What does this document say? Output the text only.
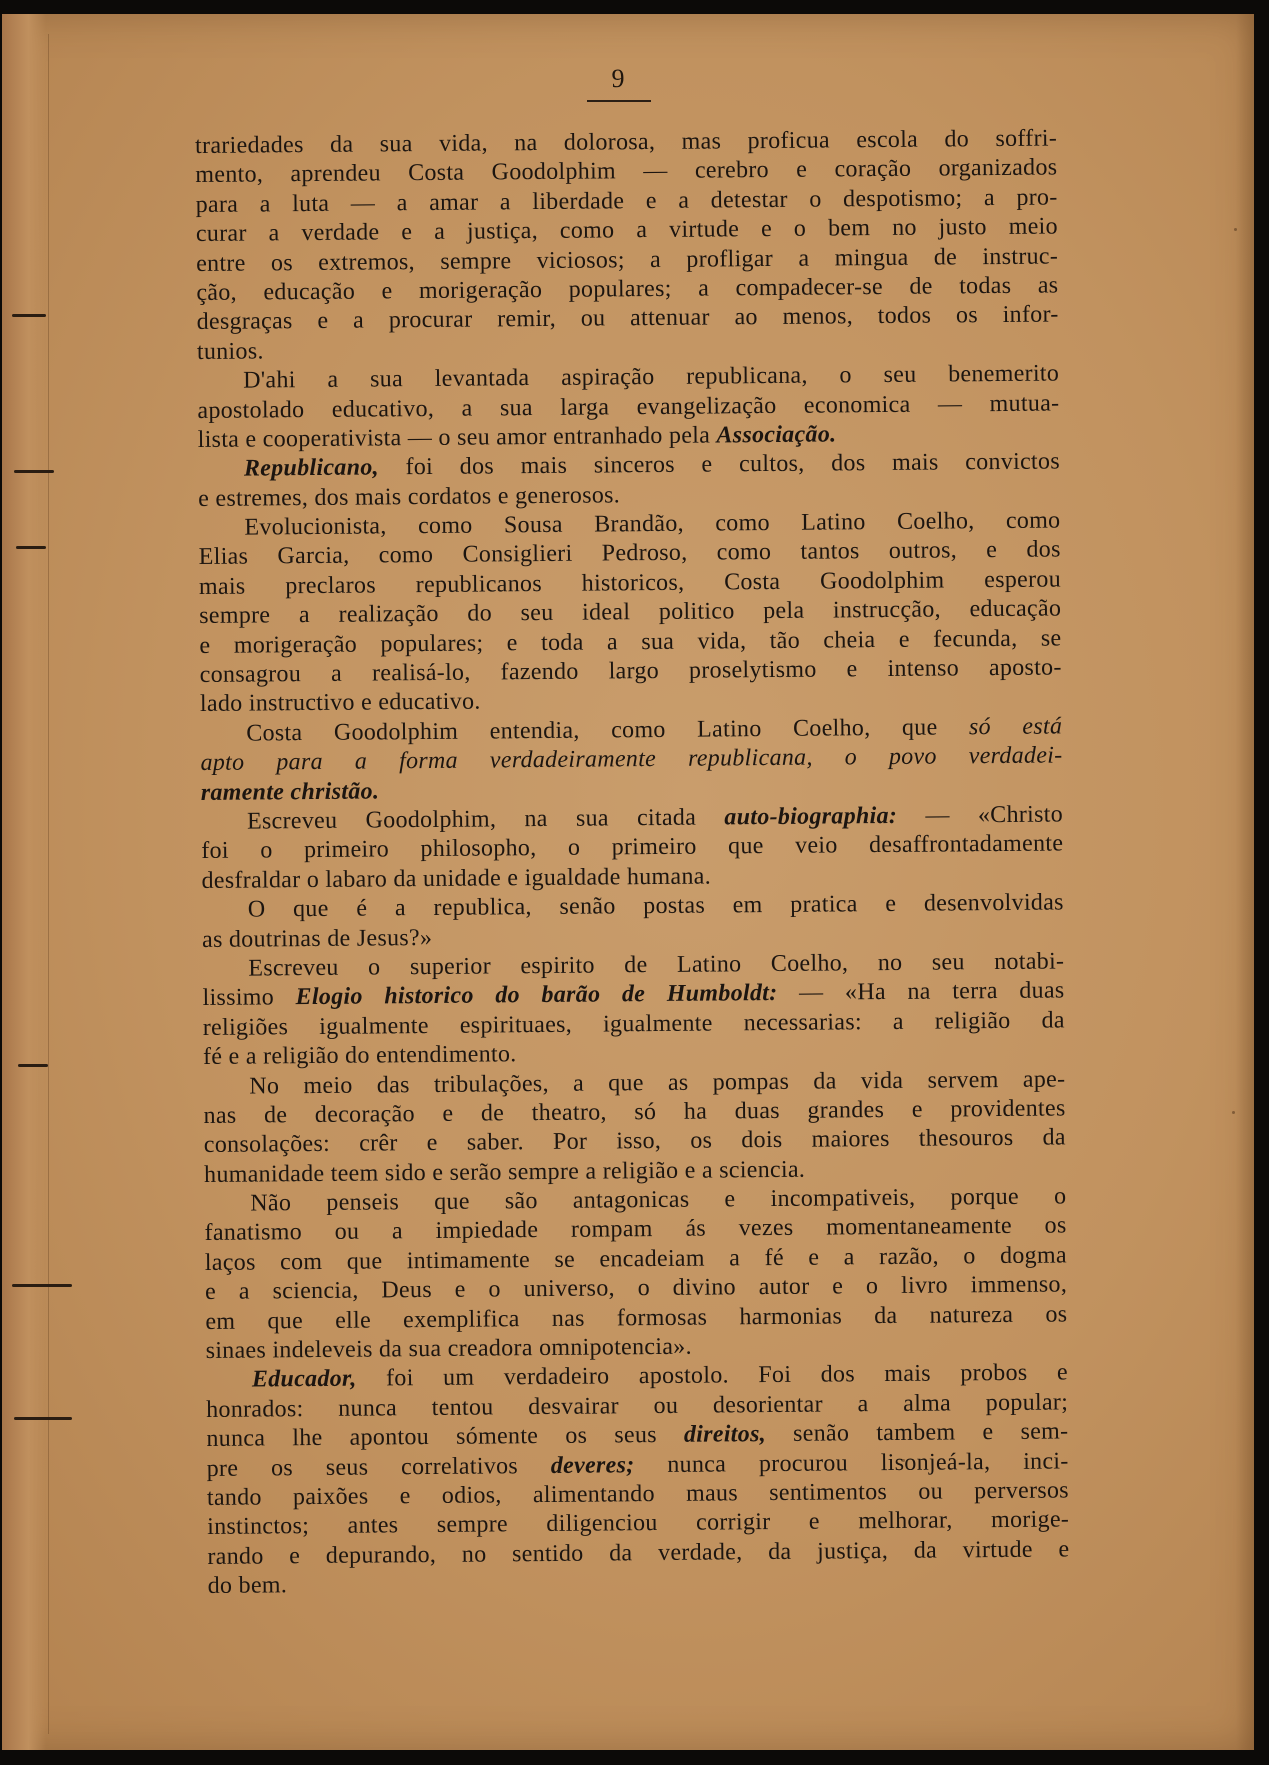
9
trariedades da sua vida, na dolorosa, mas proficua escola do soffri-
mento, aprendeu Costa Goodolphim — cerebro e coração organizados
para a luta — a amar a liberdade e a detestar o despotismo; a pro-
curar a verdade e a justiça, como a virtude e o bem no justo meio
entre os extremos, sempre viciosos; a profligar a mingua de instruc-
ção, educação e morigeração populares; a compadecer-se de todas as
desgraças e a procurar remir, ou attenuar ao menos, todos os infor-
tunios.
D'ahi a sua levantada aspiração republicana, o seu benemerito
apostolado educativo, a sua larga evangelização economica — mutua-
lista e cooperativista — o seu amor entranhado pela Associação.
Republicano, foi dos mais sinceros e cultos, dos mais convictos
e estremes, dos mais cordatos e generosos.
Evolucionista, como Sousa Brandão, como Latino Coelho, como
Elias Garcia, como Consiglieri Pedroso, como tantos outros, e dos
mais preclaros republicanos historicos, Costa Goodolphim esperou
sempre a realização do seu ideal politico pela instrucção, educação
e morigeração populares; e toda a sua vida, tão cheia e fecunda, se
consagrou a realisá-lo, fazendo largo proselytismo e intenso aposto-
lado instructivo e educativo.
Costa Goodolphim entendia, como Latino Coelho, que só está
apto para a forma verdadeiramente republicana, o povo verdadei-
ramente christão.
Escreveu Goodolphim, na sua citada auto-biographia: — «Christo
foi o primeiro philosopho, o primeiro que veio desaffrontadamente
desfraldar o labaro da unidade e igualdade humana.
O que é a republica, senão postas em pratica e desenvolvidas
as doutrinas de Jesus?»
Escreveu o superior espirito de Latino Coelho, no seu notabi-
lissimo Elogio historico do barão de Humboldt: — «Ha na terra duas
religiões igualmente espirituaes, igualmente necessarias: a religião da
fé e a religião do entendimento.
No meio das tribulações, a que as pompas da vida servem ape-
nas de decoração e de theatro, só ha duas grandes e providentes
consolações: crêr e saber. Por isso, os dois maiores thesouros da
humanidade teem sido e serão sempre a religião e a sciencia.
Não penseis que são antagonicas e incompativeis, porque o
fanatismo ou a impiedade rompam ás vezes momentaneamente os
laços com que intimamente se encadeiam a fé e a razão, o dogma
e a sciencia, Deus e o universo, o divino autor e o livro immenso,
em que elle exemplifica nas formosas harmonias da natureza os
sinaes indeleveis da sua creadora omnipotencia».
Educador, foi um verdadeiro apostolo. Foi dos mais probos e
honrados: nunca tentou desvairar ou desorientar a alma popular;
nunca lhe apontou sómente os seus direitos, senão tambem e sem-
pre os seus correlativos deveres; nunca procurou lisonjeá-la, inci-
tando paixões e odios, alimentando maus sentimentos ou perversos
instinctos; antes sempre diligenciou corrigir e melhorar, morige-
rando e depurando, no sentido da verdade, da justiça, da virtude e
do bem.
